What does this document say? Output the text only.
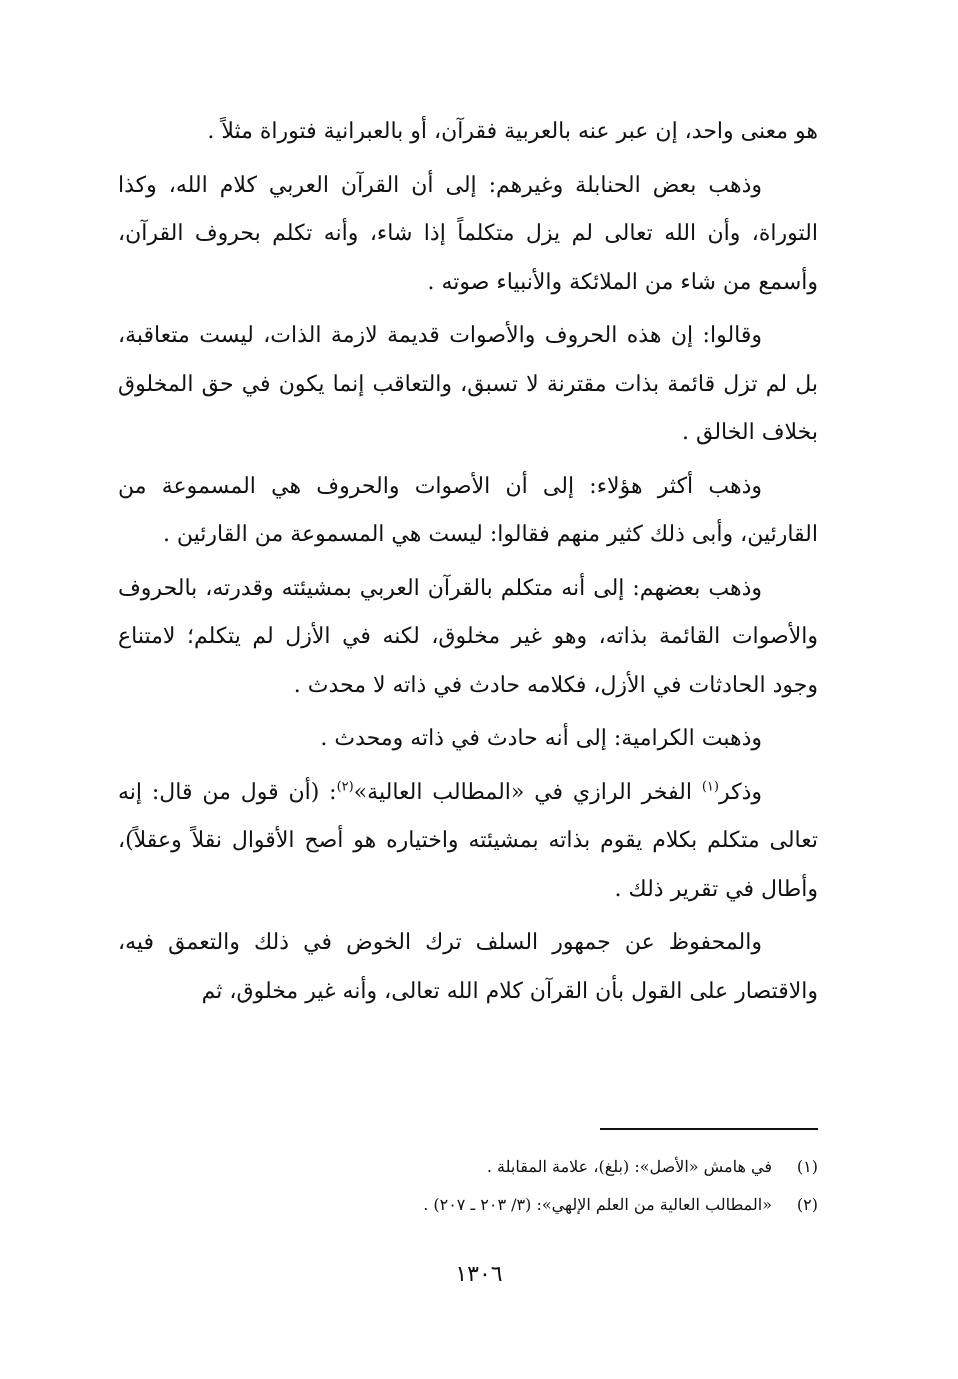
هو معنى واحد، إن عبر عنه بالعربية فقرآن، أو بالعبرانية فتوراة مثلاً .

وذهب بعض الحنابلة وغيرهم: إلى أن القرآن العربي كلام الله، وكذا التوراة، وأن الله تعالى لم يزل متكلماً إذا شاء، وأنه تكلم بحروف القرآن، وأسمع من شاء من الملائكة والأنبياء صوته .

وقالوا: إن هذه الحروف والأصوات قديمة لازمة الذات، ليست متعاقبة، بل لم تزل قائمة بذات مقترنة لا تسبق، والتعاقب إنما يكون في حق المخلوق بخلاف الخالق .

وذهب أكثر هؤلاء: إلى أن الأصوات والحروف هي المسموعة من القارئين، وأبى ذلك كثير منهم فقالوا: ليست هي المسموعة من القارئين .

وذهب بعضهم: إلى أنه متكلم بالقرآن العربي بمشيئته وقدرته، بالحروف والأصوات القائمة بذاته، وهو غير مخلوق، لكنه في الأزل لم يتكلم؛ لامتناع وجود الحادثات في الأزل، فكلامه حادث في ذاته لا محدث .

وذهبت الكرامية: إلى أنه حادث في ذاته ومحدث .

وذكر$^{(١)}$ الفخر الرازي في «المطالب العالية»$^{(٢)}$: (أن قول من قال: إنه تعالى متكلم بكلام يقوم بذاته بمشيئته واختياره هو أصح الأقوال نقلاً وعقلاً)، وأطال في تقرير ذلك .

والمحفوظ عن جمهور السلف ترك الخوض في ذلك والتعمق فيه، والاقتصار على القول بأن القرآن كلام الله تعالى، وأنه غير مخلوق، ثم

(١)في هامش «الأصل»: (بلغ)، علامة المقابلة .

(٢)«المطالب العالية من العلم الإلهي»: (٣/ ٢٠٣ ـ ٢٠٧) .

١٣٠٦
